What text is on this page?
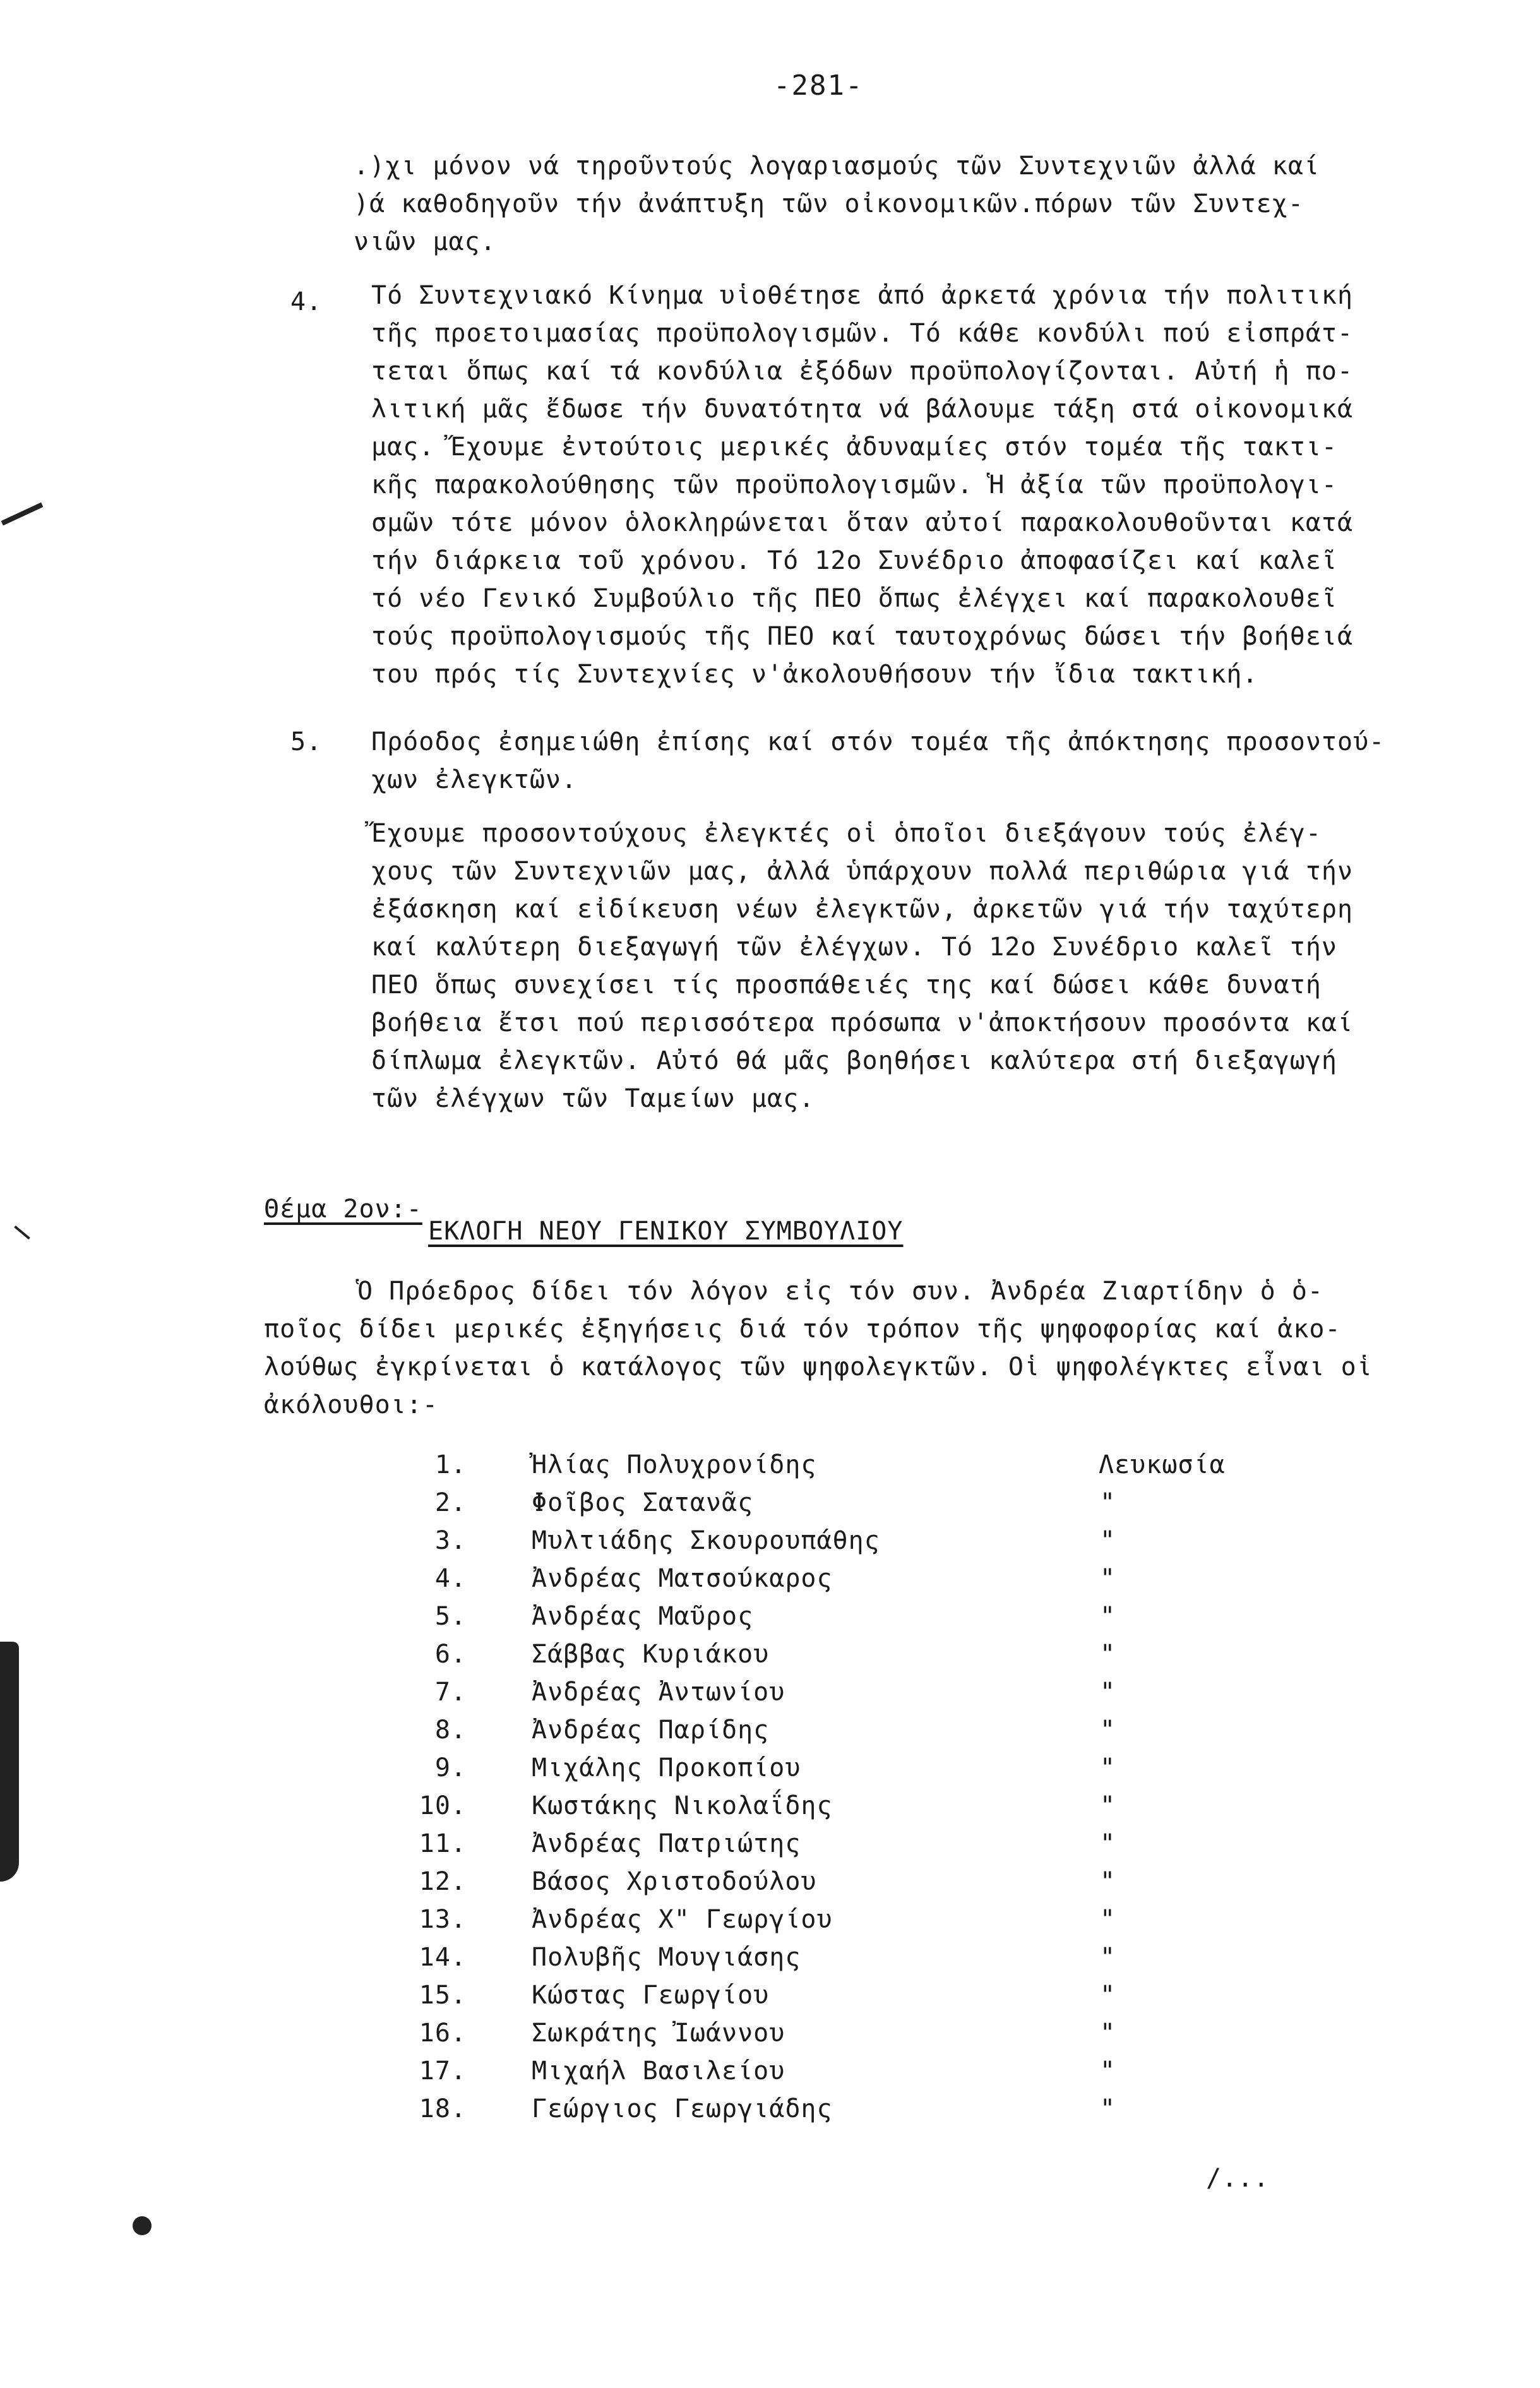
-281-
.)χι μόνον νά τηροῦντούς λογαριασμούς τῶν Συντεχνιῶν ἀλλά καί
)ά καθοδηγοῦν τήν ἀνάπτυξη τῶν οἰκονομικῶν.πόρων τῶν Συντεχ-
νιῶν μας.
4. Τό Συντεχνιακό Κίνημα υἱοθέτησε ἀπό ἀρκετά χρόνια τήν πολιτική
τῆς προετοιμασίας προϋπολογισμῶν. Τό κάθε κονδύλι πού εἰσπράτ-
τεται ὅπως καί τά κονδύλια ἐξόδων προϋπολογίζονται. Αὐτή ἡ πο-
λιτική μᾶς ἔδωσε τήν δυνατότητα νά βάλουμε τάξη στά οἰκονομικά
μας. Ἔχουμε ἐντούτοις μερικές ἀδυναμίες στόν τομέα τῆς τακτι-
κῆς παρακολούθησης τῶν προϋπολογισμῶν. Ἡ ἀξία τῶν προϋπολογι-
σμῶν τότε μόνον ὁλοκληρώνεται ὅταν αὐτοί παρακολουθοῦνται κατά
τήν διάρκεια τοῦ χρόνου. Τό 12ο Συνέδριο ἀποφασίζει καί καλεῖ
τό νέο Γενικό Συμβούλιο τῆς ΠΕΟ ὅπως ἐλέγχει καί παρακολουθεῖ
τούς προϋπολογισμούς τῆς ΠΕΟ καί ταυτοχρόνως δώσει τήν βοήθειά
του πρός τίς Συντεχνίες ν'ἀκολουθήσουν τήν ἴδια τακτική.
5. Πρόοδος ἐσημειώθη ἐπίσης καί στόν τομέα τῆς ἀπόκτησης προσοντού-
χων ἐλεγκτῶν.
Ἔχουμε προσοντούχους ἐλεγκτές οἱ ὁποῖοι διεξάγουν τούς ἐλέγ-
χους τῶν Συντεχνιῶν μας, ἀλλά ὑπάρχουν πολλά περιθώρια γιά τήν
ἐξάσκηση καί εἰδίκευση νέων ἐλεγκτῶν, ἀρκετῶν γιά τήν ταχύτερη
καί καλύτερη διεξαγωγή τῶν ἐλέγχων. Τό 12ο Συνέδριο καλεῖ τήν
ΠΕΟ ὅπως συνεχίσει τίς προσπάθειές της καί δώσει κάθε δυνατή
βοήθεια ἔτσι πού περισσότερα πρόσωπα ν'ἀποκτήσουν προσόντα καί
δίπλωμα ἐλεγκτῶν. Αὐτό θά μᾶς βοηθήσει καλύτερα στή διεξαγωγή
τῶν ἐλέγχων τῶν Ταμείων μας.
Θέμα 2ον:-
ΕΚΛΟΓΗ ΝΕΟΥ ΓΕΝΙΚΟΥ ΣΥΜΒΟΥΛΙΟΥ
Ὁ Πρόεδρος δίδει τόν λόγον εἰς τόν συν. Ἀνδρέα Ζιαρτίδην ὁ ὁ-
ποῖος δίδει μερικές ἐξηγήσεις διά τόν τρόπον τῆς ψηφοφορίας καί ἀκο-
λούθως ἐγκρίνεται ὁ κατάλογος τῶν ψηφολεγκτῶν. Οἱ ψηφολέγκτες εἶναι οἱ
ἀκόλουθοι:-
1.	Ἠλίας Πολυχρονίδης	Λευκωσία
2.	Φοῖβος Σατανᾶς	"
3.	Μυλτιάδης Σκουρουπάθης	"
4.	Ἀνδρέας Ματσούκαρος	"
5.	Ἀνδρέας Μαῦρος	"
6.	Σάββας Κυριάκου	"
7.	Ἀνδρέας Ἀντωνίου	"
8.	Ἀνδρέας Παρίδης	"
9.	Μιχάλης Προκοπίου	"
10.	Κωστάκης Νικολαΐδης	"
11.	Ἀνδρέας Πατριώτης	"
12.	Βάσος Χριστοδούλου	"
13.	Ἀνδρέας Χ" Γεωργίου	"
14.	Πολυβῆς Μουγιάσης	"
15.	Κώστας Γεωργίου	"
16.	Σωκράτης Ἰωάννου	"
17.	Μιχαήλ Βασιλείου	"
18.	Γεώργιος Γεωργιάδης	"
/...
